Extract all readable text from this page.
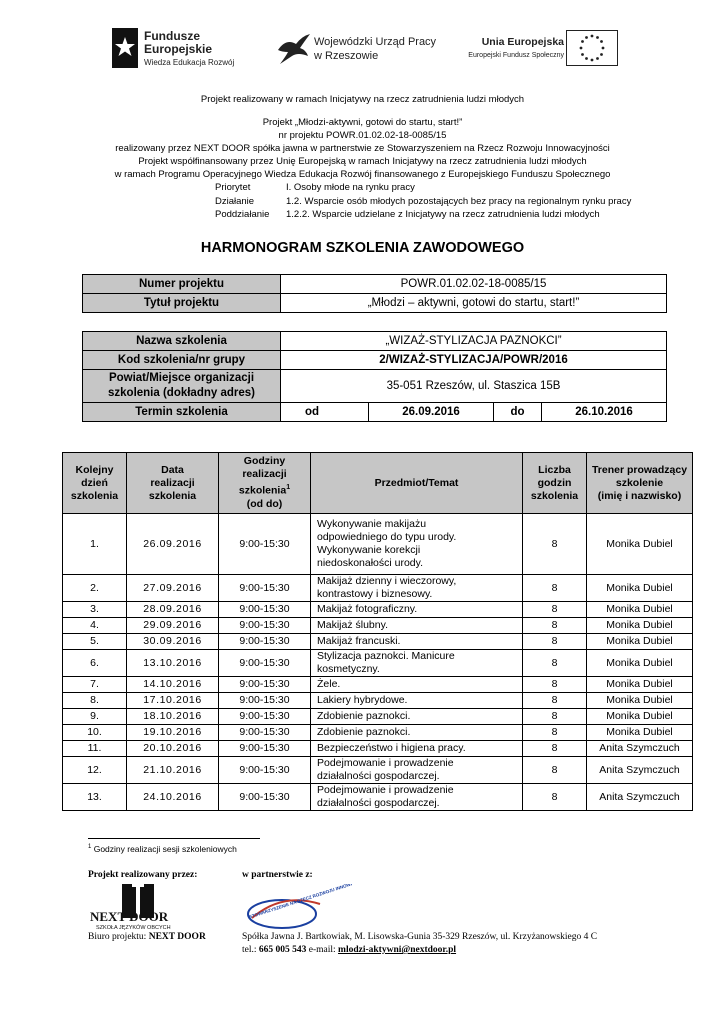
Fundusze
Europejskie
Wiedza Edukacja Rozwój
Wojewódzki Urząd Pracy
w Rzeszowie
Unia Europejska
Europejski Fundusz Społeczny
Projekt realizowany w ramach Inicjatywy na rzecz zatrudnienia ludzi młodych
Projekt „Młodzi-aktywni, gotowi do startu, start!”
nr projektu POWR.01.02.02-18-0085/15
realizowany przez NEXT DOOR spółka jawna w partnerstwie ze Stowarzyszeniem na Rzecz Rozwoju Innowacyjności
Projekt współfinansowany przez Unię Europejską w ramach Inicjatywy na rzecz zatrudnienia ludzi młodych
w ramach Programu Operacyjnego Wiedza Edukacja Rozwój finansowanego z Europejskiego Funduszu Społecznego
Priorytet	I. Osoby młode na rynku pracy
Działanie	1.2. Wsparcie osób młodych pozostających bez pracy na regionalnym rynku pracy
Poddziałanie 1.2.2. Wsparcie udzielane z Inicjatywy na rzecz zatrudnienia ludzi młodych
HARMONOGRAM SZKOLENIA ZAWODOWEGO
Numer projektu	POWR.01.02.02-18-0085/15
Tytuł projektu	„Młodzi – aktywni, gotowi do startu, start!”
Nazwa szkolenia	„WIZAŻ-STYLIZACJA PAZNOKCI”			
Kod szkolenia/nr grupy	2/WIZAŻ-STYLIZACJA/POWR/2016			
Powiat/Miejsce organizacji
szkolenia (dokładny adres)	35-051 Rzeszów, ul. Staszica 15B			
Termin szkolenia	od	26.09.2016	do	26.10.2016
Kolejny
dzień
szkolenia	Data
realizacji
szkolenia	Godziny
realizacji
szkolenia$^1$
(od do)	Przedmiot/Temat	Liczba
godzin
szkolenia	Trener prowadzący
szkolenie
(imię i nazwisko)
1.	26.09.2016	9:00-15:30	Wykonywanie makijażu
odpowiedniego do typu urody.
Wykonywanie korekcji
niedoskonałości urody.	8	Monika Dubiel
2.	27.09.2016	9:00-15:30	Makijaż dzienny i wieczorowy,
kontrastowy i biznesowy.	8	Monika Dubiel
3.	28.09.2016	9:00-15:30	Makijaż fotograficzny.	8	Monika Dubiel
4.	29.09.2016	9:00-15:30	Makijaż ślubny.	8	Monika Dubiel
5.	30.09.2016	9:00-15:30	Makijaż francuski.	8	Monika Dubiel
6.	13.10.2016	9:00-15:30	Stylizacja paznokci. Manicure
kosmetyczny.	8	Monika Dubiel
7.	14.10.2016	9:00-15:30	Żele.	8	Monika Dubiel
8.	17.10.2016	9:00-15:30	Lakiery hybrydowe.	8	Monika Dubiel
9.	18.10.2016	9:00-15:30	Zdobienie paznokci.	8	Monika Dubiel
10.	19.10.2016	9:00-15:30	Zdobienie paznokci.	8	Monika Dubiel
11.	20.10.2016	9:00-15:30	Bezpieczeństwo i higiena pracy.	8	Anita Szymczuch
12.	21.10.2016	9:00-15:30	Podejmowanie i prowadzenie
działalności gospodarczej.	8	Anita Szymczuch
13.	24.10.2016	9:00-15:30	Podejmowanie i prowadzenie
działalności gospodarczej.	8	Anita Szymczuch
$^1$ Godziny realizacji sesji szkoleniowych
Projekt realizowany przez:	w partnerstwie z:
NEXT DOOR
SZKOŁA JĘZYKÓW OBCYCH
STOWARZYSZENIE NA RZECZ ROZWOJU
Biuro projektu: NEXT DOOR	Spółka Jawna J. Bartkowiak, M. Lisowska-Gunia 35-329 Rzeszów, ul. Krzyżanowskiego 4 C
tel.: 665 005 543 e-mail: mlodzi-aktywni@nextdoor.pl
